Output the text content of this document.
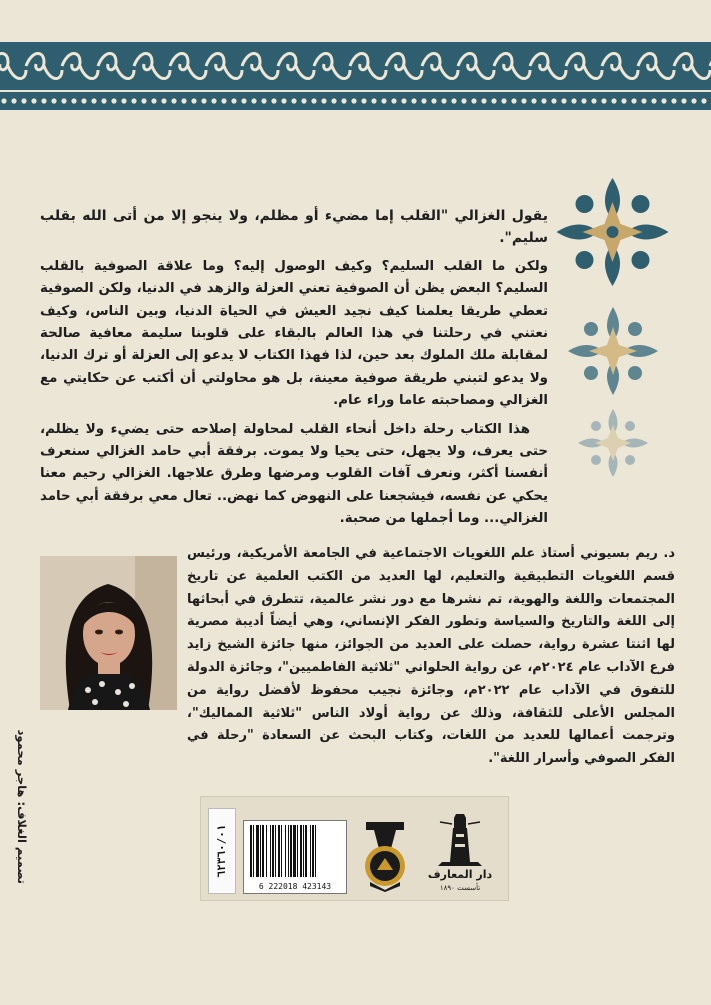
يقول الغزالي "القلب إما مضيء أو مظلم، ولا ينجو إلا من أتى الله بقلب سليم".

ولكن ما القلب السليم؟ وكيف الوصول إليه؟ وما علاقة الصوفية بالقلب السليم؟ البعض يظن أن الصوفية تعني العزلة والزهد في الدنيا، ولكن الصوفية تعطي طريقا يعلمنا كيف نجيد العيش في الحياة الدنيا، وبين الناس، وكيف نعتني في رحلتنا في هذا العالم بالبقاء على قلوبنا سليمة معافية صالحة لمقابلة ملك الملوك بعد حين، لذا فهذا الكتاب لا يدعو إلى العزلة أو ترك الدنيا، ولا يدعو لتبني طريقة صوفية معينة، بل هو محاولتي أن أكتب عن حكايتي مع الغزالي ومصاحبته عاما وراء عام.

هذا الكتاب رحلة داخل أنحاء القلب لمحاولة إصلاحه حتى يضيء ولا يظلم، حتى يعرف، ولا يجهل، حتى يحيا ولا يموت. برفقة أبي حامد الغزالي سنعرف أنفسنا أكثر، ونعرف آفات القلوب ومرضها وطرق علاجها. الغزالي رحيم معنا يحكي عن نفسه، فيشجعنا على النهوض كما نهض.. تعال معي برفقة أبي حامد الغزالي... وما أجملها من صحبة.

د. ريم بسيوني أستاذ علم اللغويات الاجتماعية في الجامعة الأمريكية، ورئيس قسم اللغويات التطبيقية والتعليم، لها العديد من الكتب العلمية عن تاريخ المجتمعات واللغة والهوية، تم نشرها مع دور نشر عالمية، تتطرق في أبحاثها إلى اللغة والتاريخ والسياسة وتطور الفكر الإنساني، وهي أيضاً أديبة مصرية لها اثنتا عشرة رواية، حصلت على العديد من الجوائز، منها جائزة الشيخ زايد فرع الآداب عام ٢٠٢٤م، عن رواية الحلواني "ثلاثية الفاطميين"، وجائزة الدولة للتفوق في الآداب عام ٢٠٢٢م، وجائزة نجيب محفوظ لأفضل رواية من المجلس الأعلى للثقافة، وذلك عن رواية أولاد الناس "ثلاثية المماليك"، وترجمت أعمالها للعديد من اللغات، وكتاب البحث عن السعادة "رحلة في الفكر الصوفي وأسرار اللغة".
تصميم الغلاف: هاجر محمود	٦٢٣٦٠/٠١
6 222018 423143
دار المعارف
تأسست ١٨٩٠
